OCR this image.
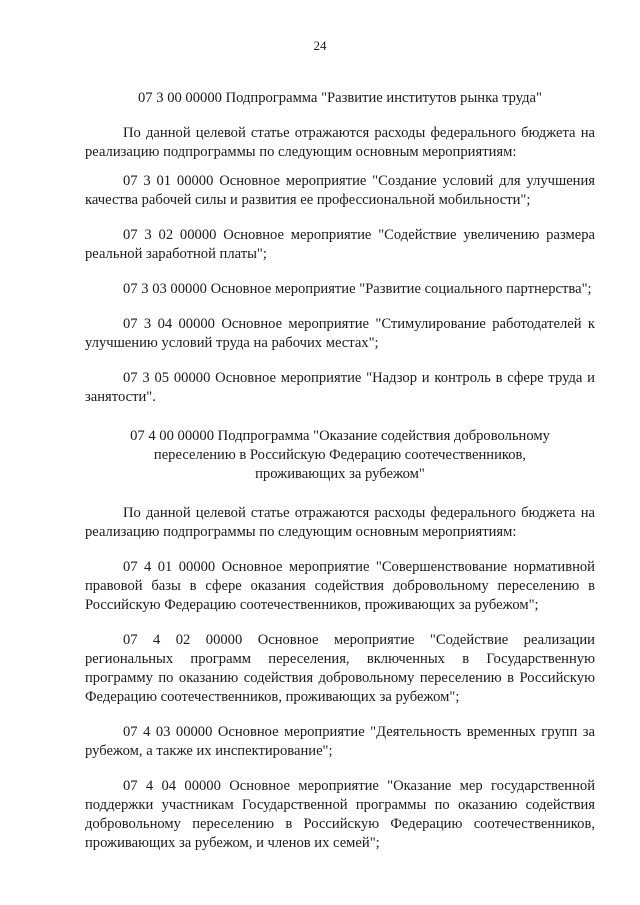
24

07 3 00 00000 Подпрограмма "Развитие институтов рынка труда"

По данной целевой статье отражаются расходы федерального бюджета на реализацию подпрограммы по следующим основным мероприятиям:

07 3 01 00000 Основное мероприятие "Создание условий для улучшения качества рабочей силы и развития ее профессиональной мобильности";

07 3 02 00000 Основное мероприятие "Содействие увеличению размера реальной заработной платы";

07 3 03 00000 Основное мероприятие "Развитие социального партнерства";

07 3 04 00000 Основное мероприятие "Стимулирование работодателей к улучшению условий труда на рабочих местах";

07 3 05 00000 Основное мероприятие "Надзор и контроль в сфере труда и занятости".

07 4 00 00000 Подпрограмма "Оказание содействия добровольному
переселению в Российскую Федерацию соотечественников,
проживающих за рубежом"

По данной целевой статье отражаются расходы федерального бюджета на реализацию подпрограммы по следующим основным мероприятиям:

07 4 01 00000 Основное мероприятие "Совершенствование нормативной правовой базы в сфере оказания содействия добровольному переселению в Российскую Федерацию соотечественников, проживающих за рубежом";

07 4 02 00000 Основное мероприятие "Содействие реализации региональных программ переселения, включенных в Государственную программу по оказанию содействия добровольному переселению в Российскую Федерацию соотечественников, проживающих за рубежом";

07 4 03 00000 Основное мероприятие "Деятельность временных групп за рубежом, а также их инспектирование";

07 4 04 00000 Основное мероприятие "Оказание мер государственной поддержки участникам Государственной программы по оказанию содействия добровольному переселению в Российскую Федерацию соотечественников, проживающих за рубежом, и членов их семей";
